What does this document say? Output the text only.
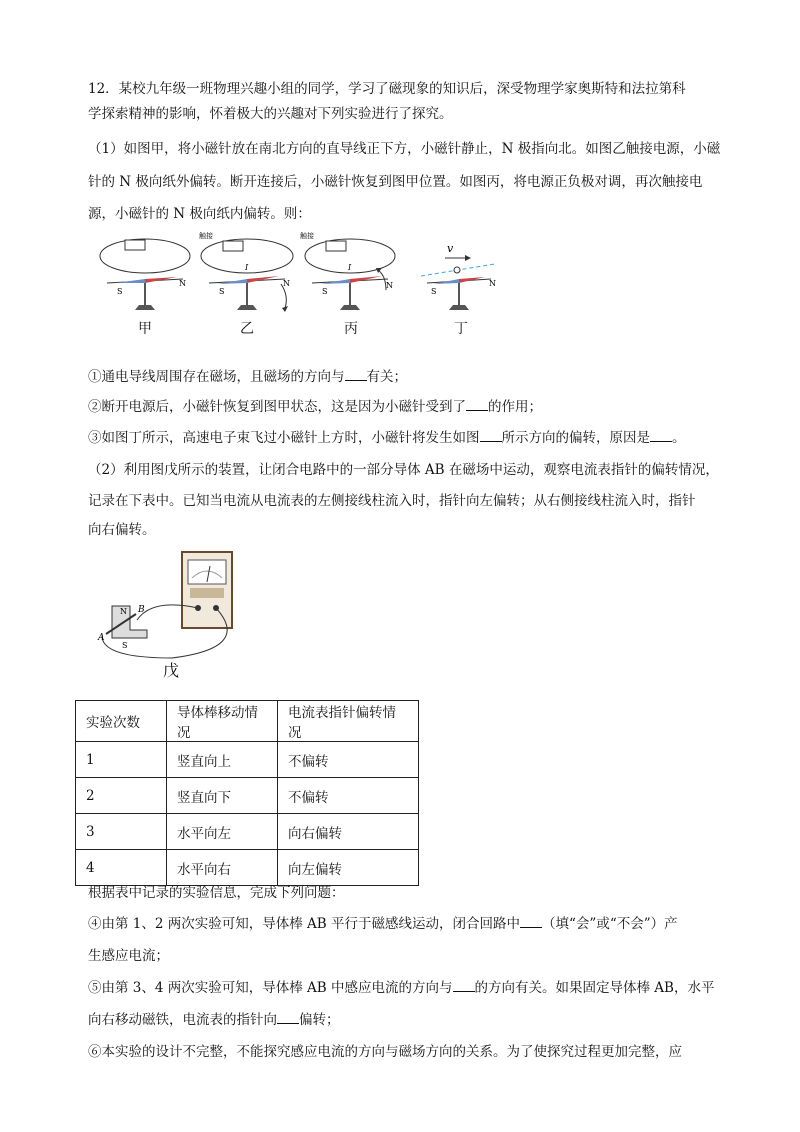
12．某校九年级一班物理兴趣小组的同学，学习了磁现象的知识后，深受物理学家奥斯特和法拉第科
学探索精神的影响，怀着极大的兴趣对下列实验进行了探究。
（1）如图甲，将小磁针放在南北方向的直导线正下方，小磁针静止，N 极指向北。如图乙触接电源，小磁
针的 N 极向纸外偏转。断开连接后，小磁针恢复到图甲位置。如图丙，将电源正负极对调，再次触接电
源，小磁针的 N 极向纸内偏转。则：
S
N
甲
触接
I
S
N
乙
触接
I
S
N
丙
v
S
N
丁
①通电导线周围存在磁场，且磁场的方向与 有关；
②断开电源后，小磁针恢复到图甲状态，这是因为小磁针受到了 的作用；
③如图丁所示，高速电子束飞过小磁针上方时，小磁针将发生如图 所示方向的偏转，原因是 。
（2）利用图戊所示的装置，让闭合电路中的一部分导体 AB 在磁场中运动，观察电流表指针的偏转情况，
记录在下表中。已知当电流从电流表的左侧接线柱流入时，指针向左偏转；从右侧接线柱流入时，指针
向右偏转。
N
S
A
B
戊
实验次数	导体棒移动情况	电流表指针偏转情况
1	竖直向上	不偏转
2	竖直向下	不偏转
3	水平向左	向右偏转
4	水平向右	向左偏转
根据表中记录的实验信息，完成下列问题：
④由第 1、2 两次实验可知，导体棒 AB 平行于磁感线运动，闭合回路中 （填“会”或“不会”）产
生感应电流；
⑤由第 3、4 两次实验可知，导体棒 AB 中感应电流的方向与 的方向有关。如果固定导体棒 AB，水平
向右移动磁铁，电流表的指针向 偏转；
⑥本实验的设计不完整，不能探究感应电流的方向与磁场方向的关系。为了使探究过程更加完整，应
